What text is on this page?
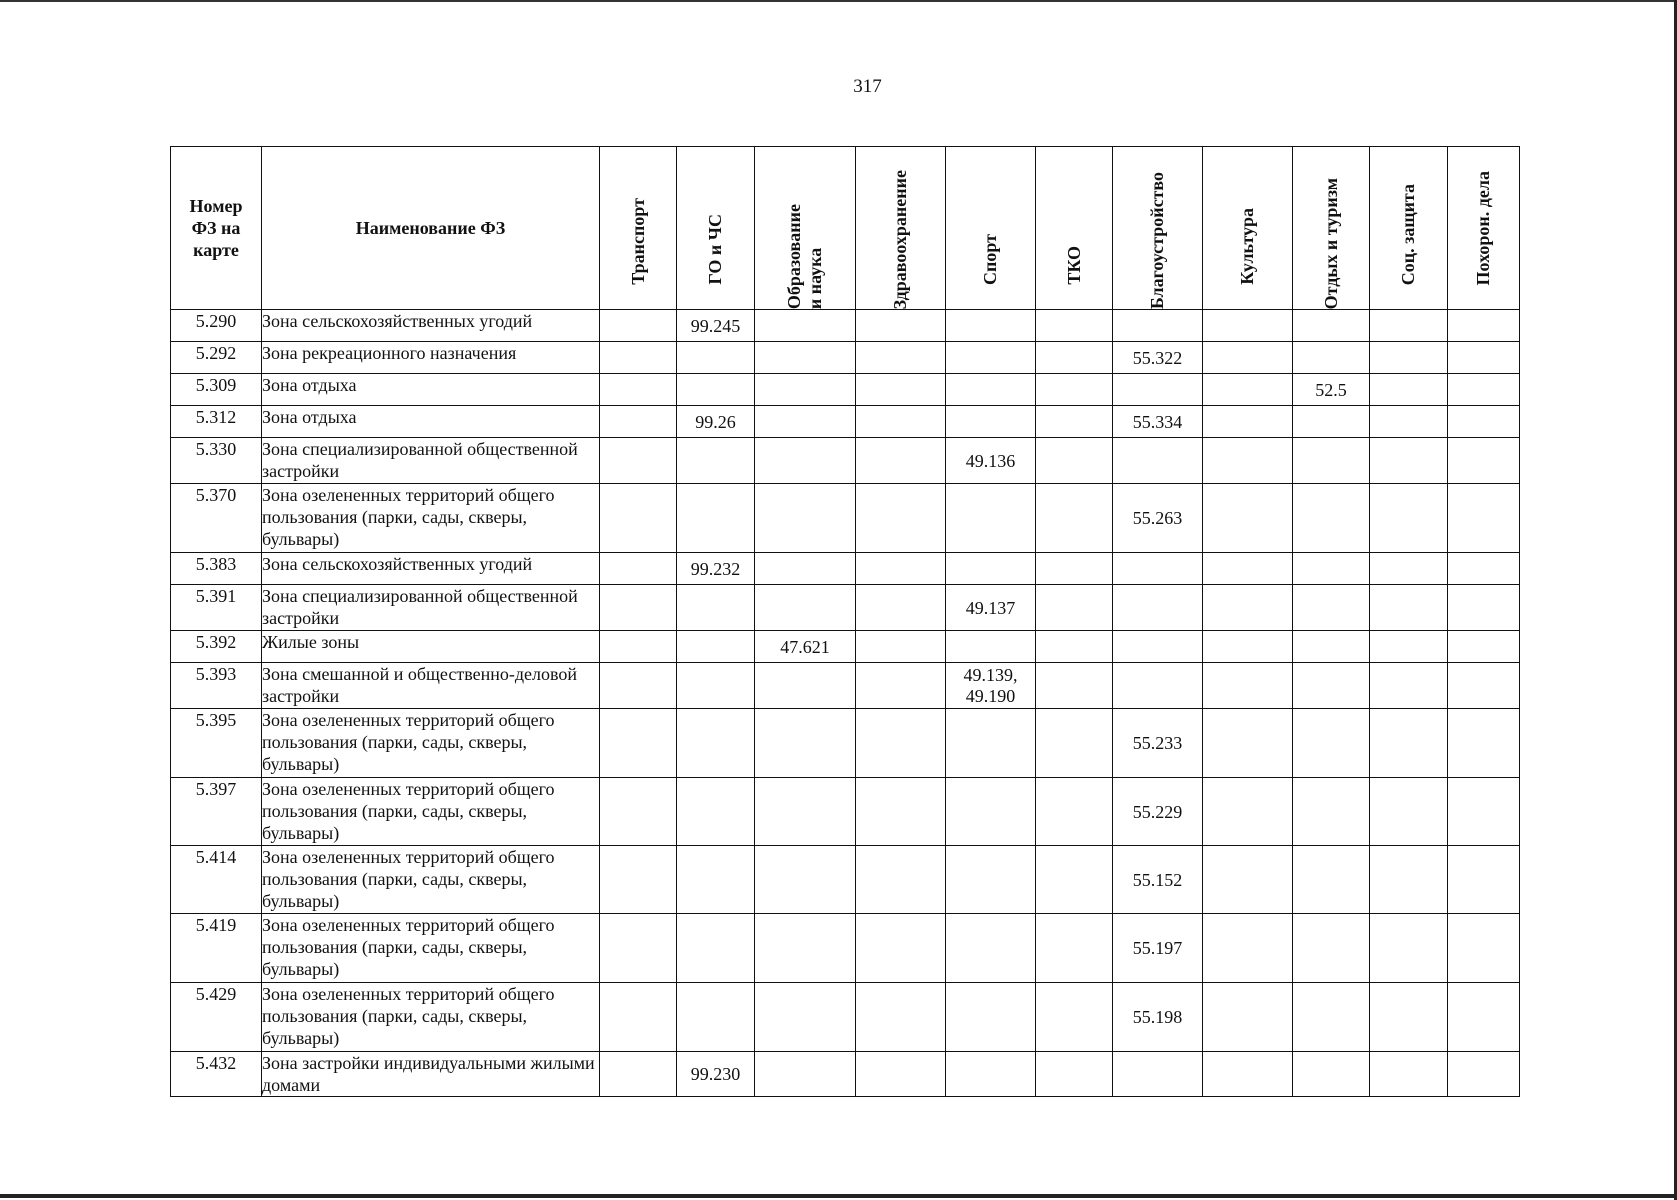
317
Номер
ФЗ на
карте	Наименование ФЗ	Транспорт	ГО и ЧС	Образование
и наука	Здравоохранение	Спорт	ТКО	Благоустройство	Культура	Отдых и туризм	Соц. защита	Похорон. дела

5.290	Зона сельскохозяйственных угодий		99.245									
5.292	Зона рекреационного назначения							55.322				
5.309	Зона отдыха									52.5		
5.312	Зона отдыха		99.26					55.334				
5.330	Зона специализированной общественной застройки					49.136						
5.370	Зона озелененных территорий общего пользования (парки, сады, скверы, бульвары)							55.263				
5.383	Зона сельскохозяйственных угодий		99.232									
5.391	Зона специализированной общественной застройки					49.137						
5.392	Жилые зоны			47.621								
5.393	Зона смешанной и общественно-деловой застройки					49.139, 49.190						
5.395	Зона озелененных территорий общего пользования (парки, сады, скверы, бульвары)							55.233				
5.397	Зона озелененных территорий общего пользования (парки, сады, скверы, бульвары)							55.229				
5.414	Зона озелененных территорий общего пользования (парки, сады, скверы, бульвары)							55.152				
5.419	Зона озелененных территорий общего пользования (парки, сады, скверы, бульвары)							55.197				
5.429	Зона озелененных территорий общего пользования (парки, сады, скверы, бульвары)							55.198				
5.432	Зона застройки индивидуальными жилыми домами		99.230									
